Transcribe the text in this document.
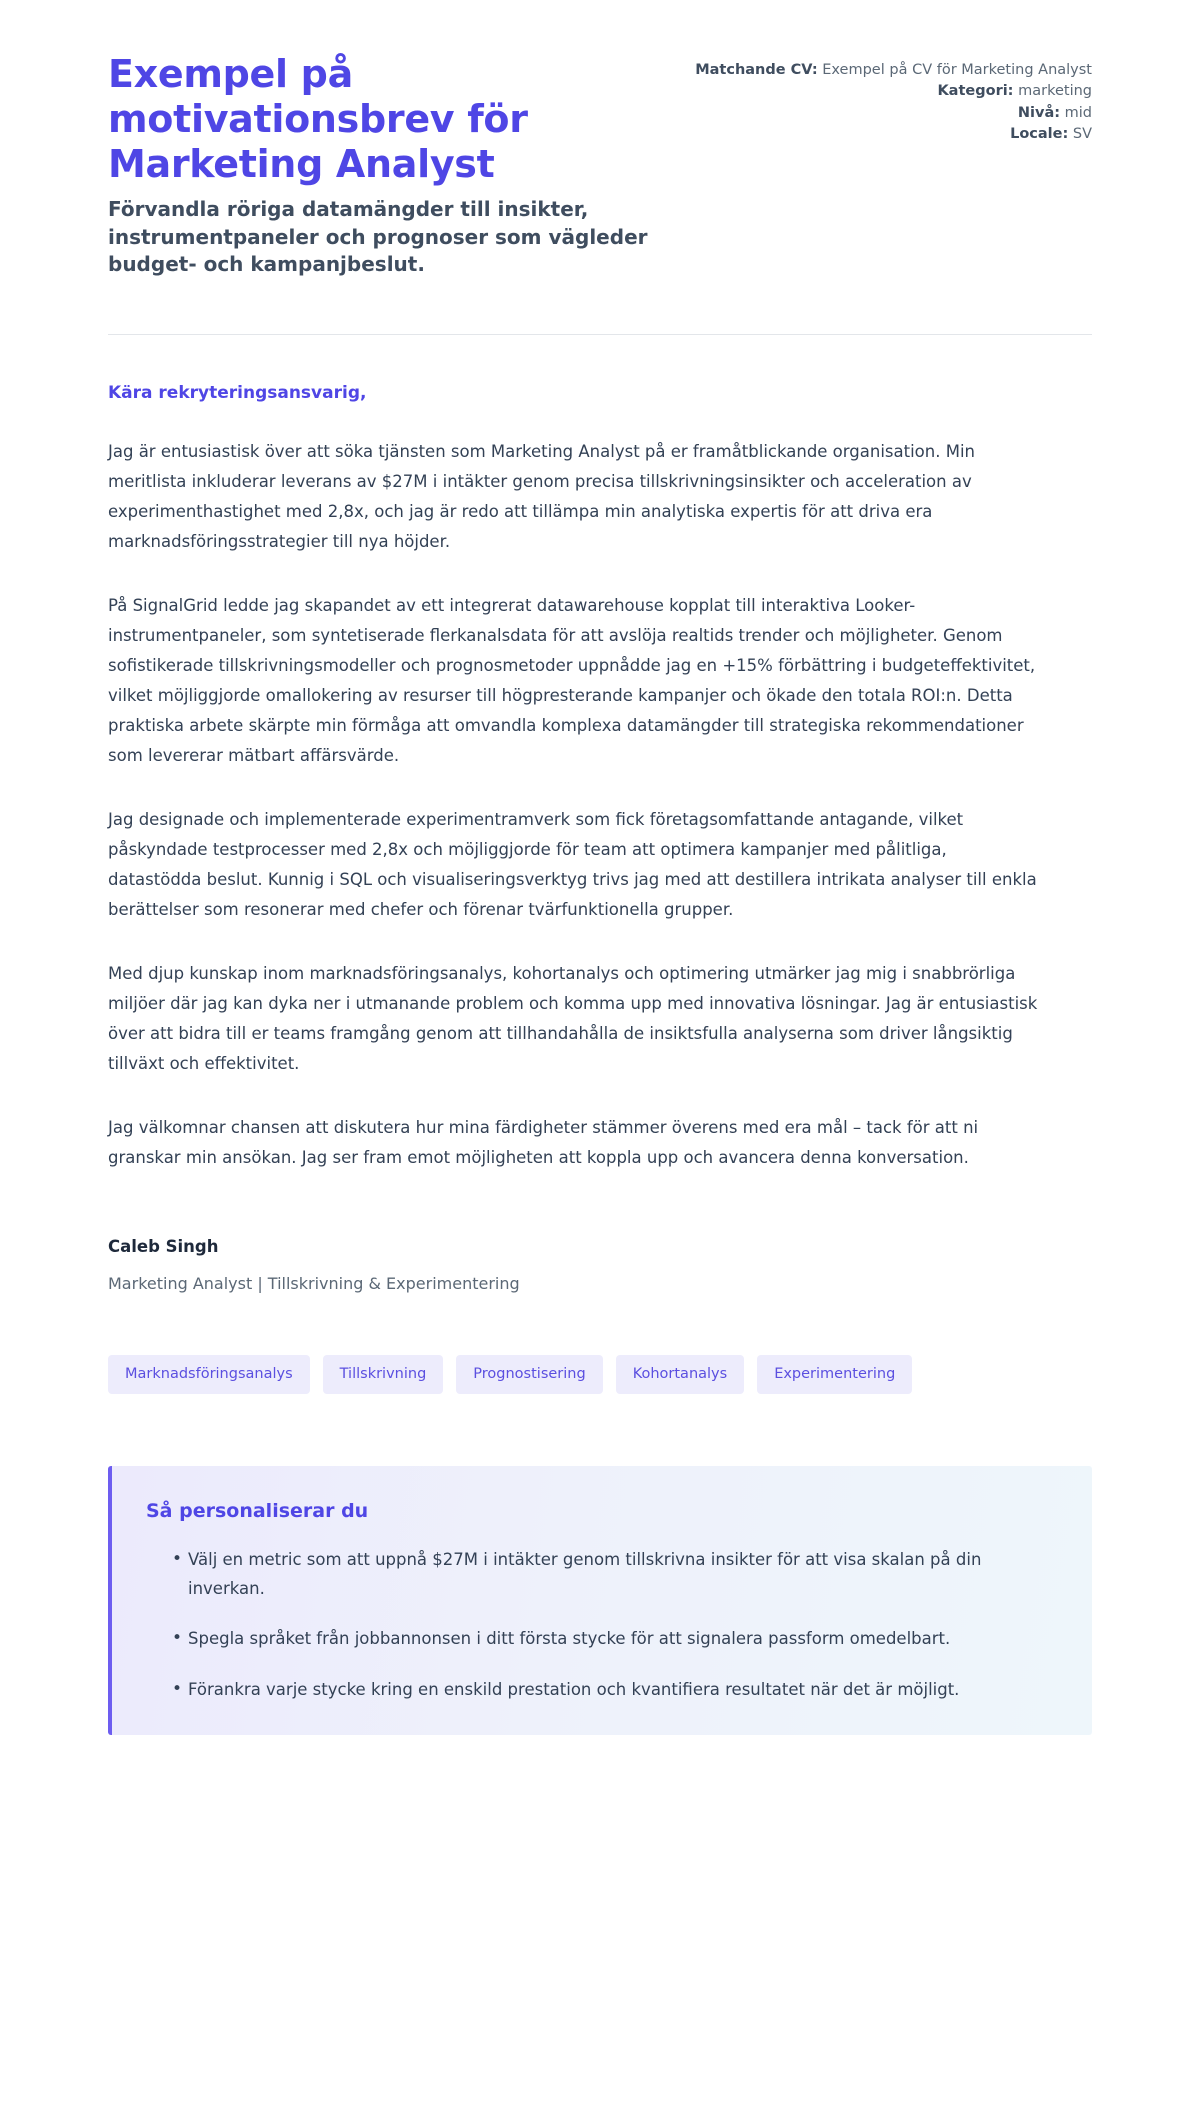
Exempel på motivationsbrev för Marketing Analyst

Förvandla röriga datamängder till insikter, instrumentpaneler och prognoser som vägleder budget- och kampanjbeslut.

Matchande CV: Exempel på CV för Marketing Analyst
Kategori: marketing
Nivå: mid
Locale: SV

Kära rekryteringsansvarig,

Jag är entusiastisk över att söka tjänsten som Marketing Analyst på er framåtblickande organisation. Min meritlista inkluderar leverans av $27M i intäkter genom precisa tillskrivningsinsikter och acceleration av experimenthastighet med 2,8x, och jag är redo att tillämpa min analytiska expertis för att driva era marknadsföringsstrategier till nya höjder.

På SignalGrid ledde jag skapandet av ett integrerat datawarehouse kopplat till interaktiva Looker-instrumentpaneler, som syntetiserade flerkanalsdata för att avslöja realtids trender och möjligheter. Genom sofistikerade tillskrivningsmodeller och prognosmetoder uppnådde jag en +15% förbättring i budgeteffektivitet, vilket möjliggjorde omallokering av resurser till högpresterande kampanjer och ökade den totala ROI:n. Detta praktiska arbete skärpte min förmåga att omvandla komplexa datamängder till strategiska rekommendationer som levererar mätbart affärsvärde.

Jag designade och implementerade experimentramverk som fick företagsomfattande antagande, vilket påskyndade testprocesser med 2,8x och möjliggjorde för team att optimera kampanjer med pålitliga, datastödda beslut. Kunnig i SQL och visualiseringsverktyg trivs jag med att destillera intrikata analyser till enkla berättelser som resonerar med chefer och förenar tvärfunktionella grupper.

Med djup kunskap inom marknadsföringsanalys, kohortanalys och optimering utmärker jag mig i snabbrörliga miljöer där jag kan dyka ner i utmanande problem och komma upp med innovativa lösningar. Jag är entusiastisk över att bidra till er teams framgång genom att tillhandahålla de insiktsfulla analyserna som driver långsiktig tillväxt och effektivitet.

Jag välkomnar chansen att diskutera hur mina färdigheter stämmer överens med era mål – tack för att ni granskar min ansökan. Jag ser fram emot möjligheten att koppla upp och avancera denna konversation.

Caleb Singh

Marketing Analyst | Tillskrivning & Experimentering

Marknadsföringsanalys	Tillskrivning	Prognostisering	Kohortanalys	Experimentering
Så personaliserar du
• Välj en metric som att uppnå $27M i intäkter genom tillskrivna insikter för att visa skalan på din inverkan.
• Spegla språket från jobbannonsen i ditt första stycke för att signalera passform omedelbart.
• Förankra varje stycke kring en enskild prestation och kvantifiera resultatet när det är möjligt.
